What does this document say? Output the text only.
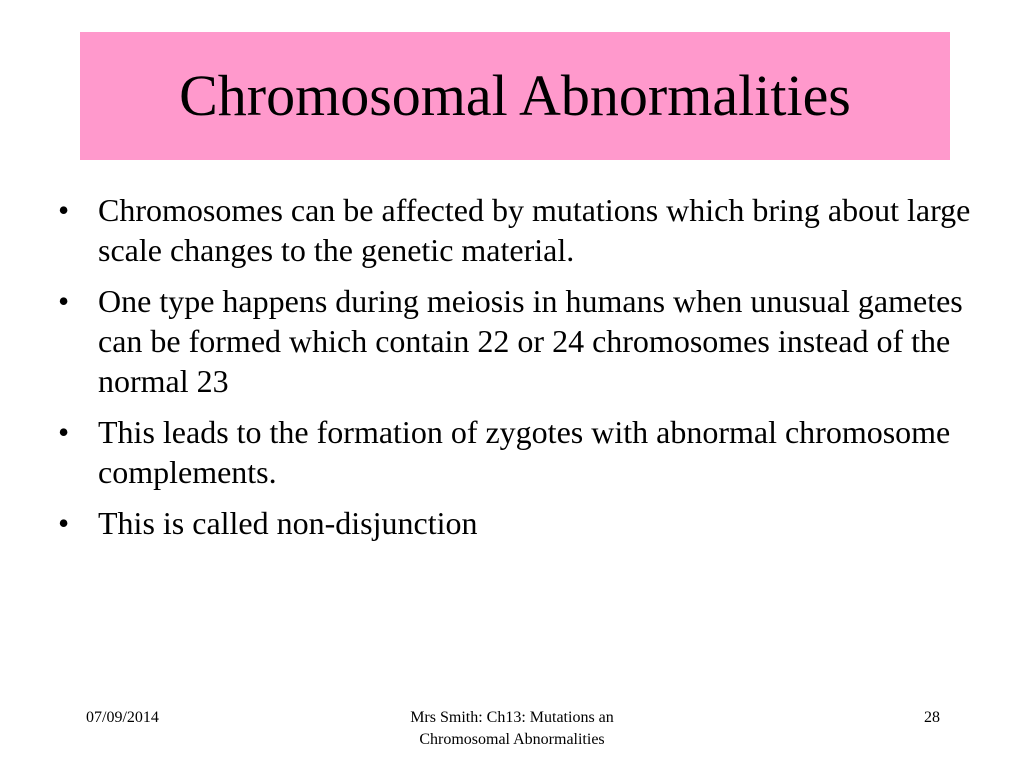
Chromosomal Abnormalities
• Chromosomes can be affected by mutations which bring about large scale changes to the genetic material.
• One type happens during meiosis in humans when unusual gametes can be formed which contain 22 or 24 chromosomes instead of the normal 23
• This leads to the formation of zygotes with abnormal chromosome complements.
• This is called non-disjunction
07/09/2014	Mrs Smith: Ch13: Mutations an
Chromosomal Abnormalities
28
